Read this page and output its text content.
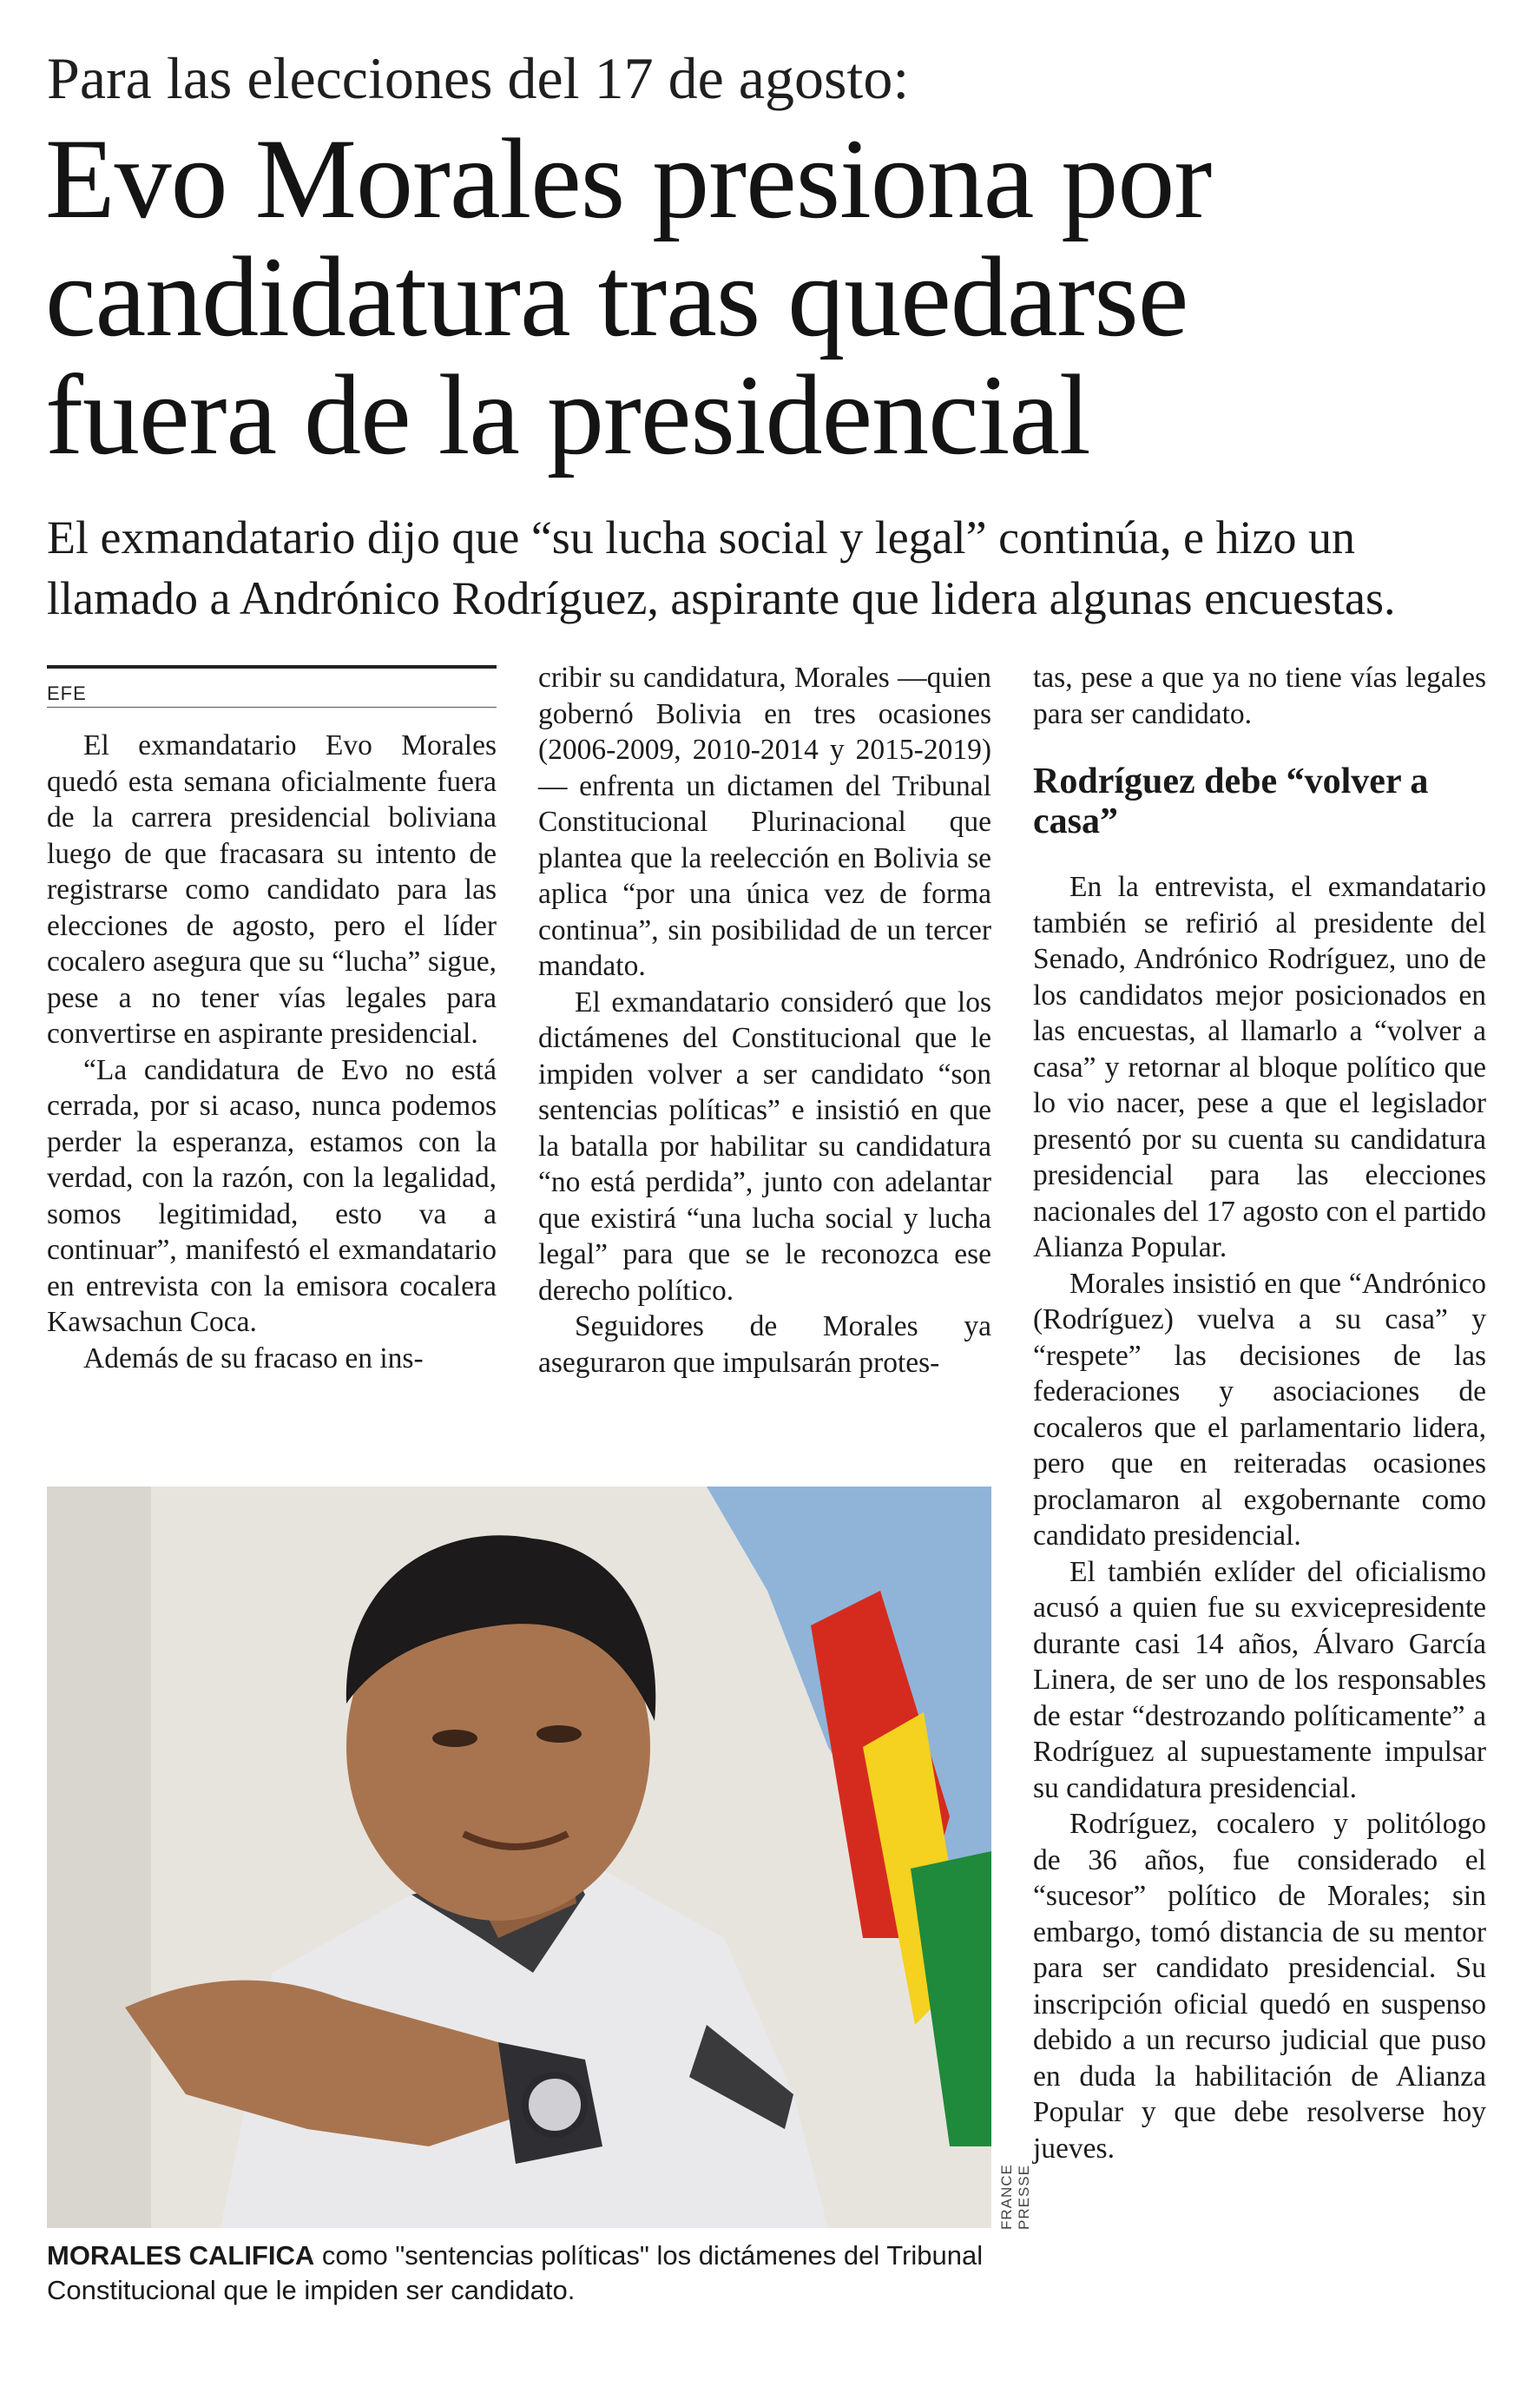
Para las elecciones del 17 de agosto:
Evo Morales presiona por
candidatura tras quedarse
fuera de la presidencial
El exmandatario dijo que “su lucha social y legal” continúa, e hizo un
llamado a Andrónico Rodríguez, aspirante que lidera algunas encuestas.
EFE

El exmandatario Evo Morales quedó esta semana oficialmente fuera de la carrera presidencial boliviana luego de que fracasara su intento de registrarse como candidato para las elecciones de agosto, pero el líder cocalero asegura que su “lucha” sigue, pese a no tener vías legales para convertirse en aspirante presidencial.

“La candidatura de Evo no está cerrada, por si acaso, nunca podemos perder la esperanza, estamos con la verdad, con la razón, con la legalidad, somos legitimidad, esto va a continuar”, manifestó el exmandatario en entrevista con la emisora cocalera Kawsachun Coca.

Además de su fracaso en ins-

cribir su candidatura, Morales —quien gobernó Bolivia en tres ocasiones (2006-2009, 2010-2014 y 2015-2019)— enfrenta un dictamen del Tribunal Constitucional Plurinacional que plantea que la reelección en Bolivia se aplica “por una única vez de forma continua”, sin posibilidad de un tercer mandato.

El exmandatario consideró que los dictámenes del Constitucional que le impiden volver a ser candidato “son sentencias políticas” e insistió en que la batalla por habilitar su candidatura “no está perdida”, junto con adelantar que existirá “una lucha social y lucha legal” para que se le reconozca ese derecho político.

Seguidores de Morales ya aseguraron que impulsarán protes-

tas, pese a que ya no tiene vías legales para ser candidato.

Rodríguez debe “volver a casa”

En la entrevista, el exmandatario también se refirió al presidente del Senado, Andrónico Rodríguez, uno de los candidatos mejor posicionados en las encuestas, al llamarlo a “volver a casa” y retornar al bloque político que lo vio nacer, pese a que el legislador presentó por su cuenta su candidatura presidencial para las elecciones nacionales del 17 agosto con el partido Alianza Popular.

Morales insistió en que “Andrónico (Rodríguez) vuelva a su casa” y “respete” las decisiones de las federaciones y asociaciones de cocaleros que el parlamentario lidera, pero que en reiteradas ocasiones proclamaron al exgobernante como candidato presidencial.

El también exlíder del oficialismo acusó a quien fue su exvicepresidente durante casi 14 años, Álvaro García Linera, de ser uno de los responsables de estar “destrozando políticamente” a Rodríguez al supuestamente impulsar su candidatura presidencial.

Rodríguez, cocalero y politólogo de 36 años, fue considerado el “sucesor” político de Morales; sin embargo, tomó distancia de su mentor para ser candidato presidencial. Su inscripción oficial quedó en suspenso debido a un recurso judicial que puso en duda la habilitación de Alianza Popular y que debe resolverse hoy jueves.

FRANCE PRESSE
MORALES CALIFICA como "sentencias políticas" los dictámenes del Tribunal Constitucional que le impiden ser candidato.
